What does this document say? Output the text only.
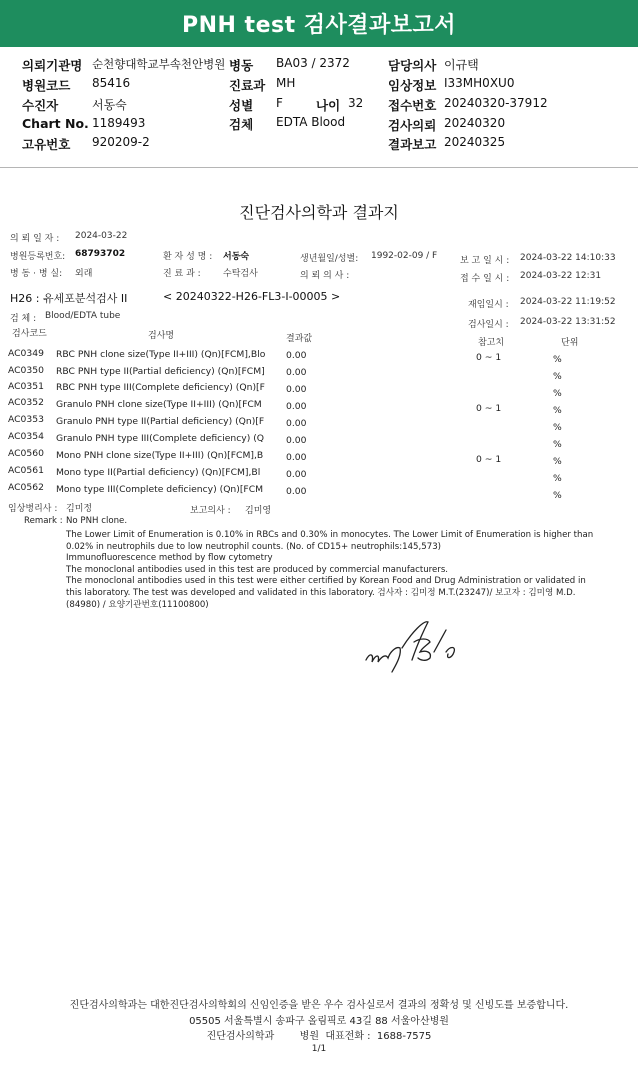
PNH test 검사결과보고서
의뢰기관명 순천향대학교부속천안병원
병원코드 85416
수진자	서동숙
Chart No. 1189493
고유번호 920209-2
병동 BA03 / 2372
진료과 MH
성별 F	나이 32
검체 EDTA Blood
담당의사 이규택
임상정보 I33MH0XU0
접수번호 20240320-37912
검사의뢰 20240320
결과보고 20240325
진단검사의학과 결과지
의 뢰 일 자 : 2024-03-22
병원등록번호: 68793702	환 자 성 명 : 서동숙	생년월일/성별: 1992-02-09 / F	보 고 일 시 : 2024-03-22 14:10:33
병 동 · 병 실: 외래	진 료 과 : 수탁검사	의 뢰 의 사 :	접 수 일 시 : 2024-03-22 12:31
H26 : 유세포분석검사 II	< 20240322-H26-FL3-I-00005 >
재임일시 : 2024-03-22 11:19:52
검 체 : Blood/EDTA tube
검사일시 : 2024-03-22 13:31:52
검사코드	검사명	결과값	참고치	단위
AC0349 RBC PNH clone size(Type II+III) (Qn)[FCM],Blo 0.00	0 ~ 1	%
AC0350 RBC PNH type II(Partial deficiency) (Qn)[FCM] 0.00	%
AC0351 RBC PNH type III(Complete deficiency) (Qn)[F 0.00	%
AC0352 Granulo PNH clone size(Type II+III) (Qn)[FCM	0.00	0 ~ 1	%
AC0353 Granulo PNH type II(Partial deficiency) (Qn)[F 0.00	%
AC0354 Granulo PNH type III(Complete deficiency) (Q 0.00	%
AC0560 Mono PNH clone size(Type II+III) (Qn)[FCM],B 0.00	0 ~ 1	%
AC0561 Mono type II(Partial deficiency) (Qn)[FCM],Bl	0.00	%
AC0562 Mono type III(Complete deficiency) (Qn)[FCM 0.00	%
임상병리사 : 김미정	보고의사 : 김미영
Remark : No PNH clone.
The Lower Limit of Enumeration is 0.10% in RBCs and 0.30% in monocytes. The Lower Limit of Enumeration is higher than
0.02% in neutrophils due to low neutrophil counts. (No. of CD15+ neutrophils:145,573)
Immunofluorescence method by flow cytometry
The monoclonal antibodies used in this test are produced by commercial manufacturers.
The monoclonal antibodies used in this test were either certified by Korean Food and Drug Administration or validated in
this laboratory. The test was developed and validated in this laboratory. 검사자 : 김미정 M.T.(23247)/ 보고자 : 김미영 M.D.
(84980) / 요양기관번호(11100800)
진단검사의학과는 대한진단검사의학회의 신임인증을 받은 우수 검사실로서 결과의 정확성 및 신빙도를 보증합니다.
05505 서울특별시 송파구 올림픽로 43길 88 서울아산병원
진단검사의학과        병원  대표전화 :  1688-7575
1/1
